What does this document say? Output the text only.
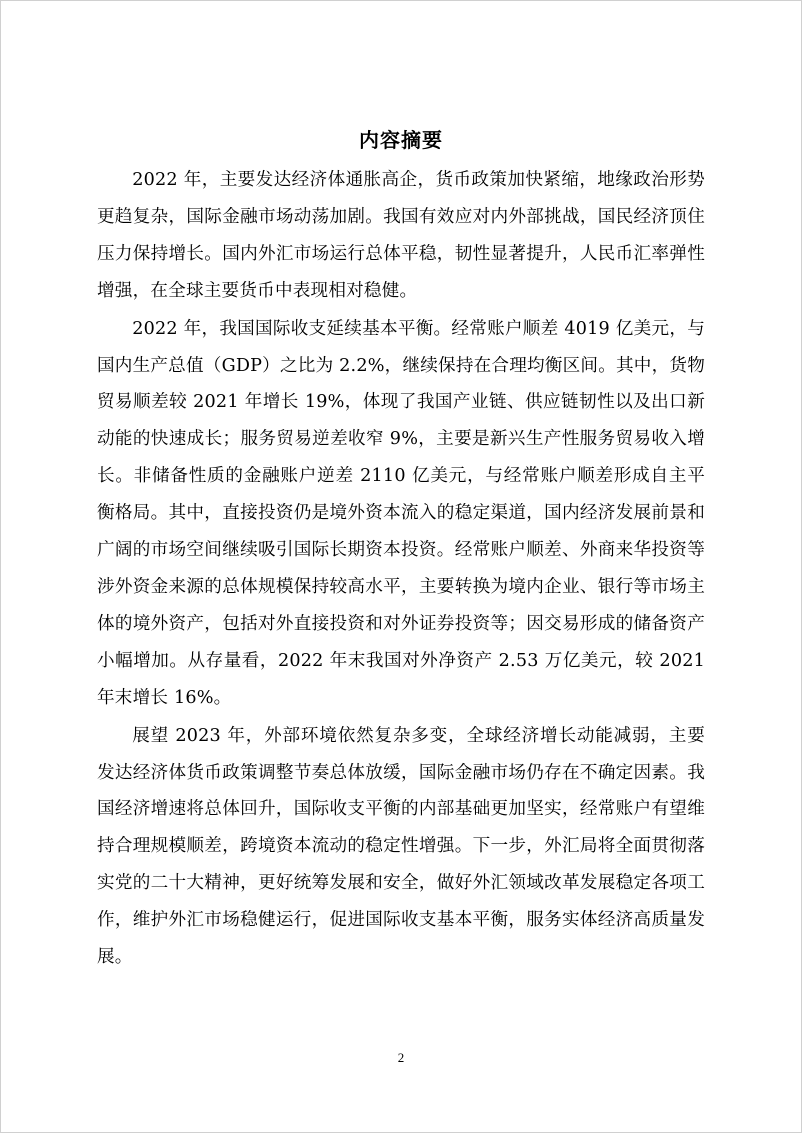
内容摘要

2022 年，主要发达经济体通胀高企，货币政策加快紧缩，地缘政治形势更趋复杂，国际金融市场动荡加剧。我国有效应对内外部挑战，国民经济顶住压力保持增长。国内外汇市场运行总体平稳，韧性显著提升，人民币汇率弹性增强，在全球主要货币中表现相对稳健。

2022 年，我国国际收支延续基本平衡。经常账户顺差 4019 亿美元，与国内生产总值（GDP）之比为 2.2%，继续保持在合理均衡区间。其中，货物贸易顺差较 2021 年增长 19%，体现了我国产业链、供应链韧性以及出口新动能的快速成长；服务贸易逆差收窄 9%，主要是新兴生产性服务贸易收入增长。非储备性质的金融账户逆差 2110 亿美元，与经常账户顺差形成自主平衡格局。其中，直接投资仍是境外资本流入的稳定渠道，国内经济发展前景和广阔的市场空间继续吸引国际长期资本投资。经常账户顺差、外商来华投资等涉外资金来源的总体规模保持较高水平，主要转换为境内企业、银行等市场主体的境外资产，包括对外直接投资和对外证券投资等；因交易形成的储备资产小幅增加。从存量看，2022 年末我国对外净资产 2.53 万亿美元，较 2021 年末增长 16%。

展望 2023 年，外部环境依然复杂多变，全球经济增长动能减弱，主要发达经济体货币政策调整节奏总体放缓，国际金融市场仍存在不确定因素。我国经济增速将总体回升，国际收支平衡的内部基础更加坚实，经常账户有望维持合理规模顺差，跨境资本流动的稳定性增强。下一步，外汇局将全面贯彻落实党的二十大精神，更好统筹发展和安全，做好外汇领域改革发展稳定各项工作，维护外汇市场稳健运行，促进国际收支基本平衡，服务实体经济高质量发展。

2
